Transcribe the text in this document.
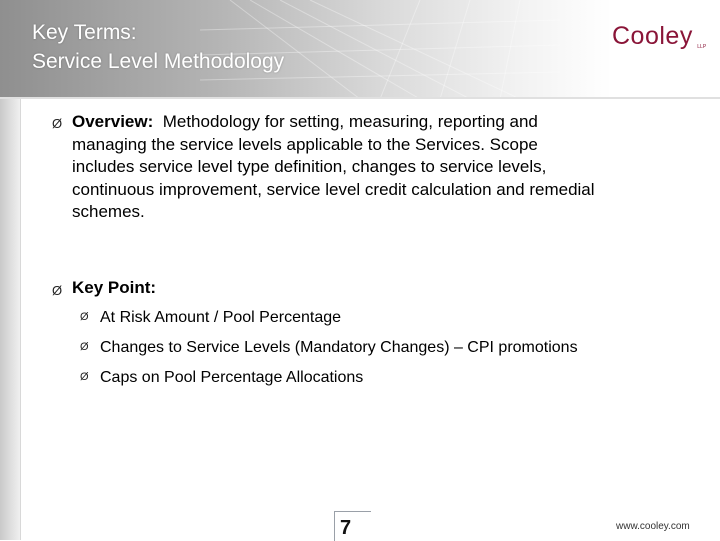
Key Terms:
Service Level Methodology
Cooley $_{LLP}$
Ø Overview: Methodology for setting, measuring, reporting and
managing the service levels applicable to the Services. Scope
includes service level type definition, changes to service levels,
continuous improvement, service level credit calculation and remedial
schemes.
Ø Key Point:
Ø At Risk Amount / Pool Percentage
Ø Changes to Service Levels (Mandatory Changes) – CPI promotions
Ø Caps on Pool Percentage Allocations
7	www.cooley.com
